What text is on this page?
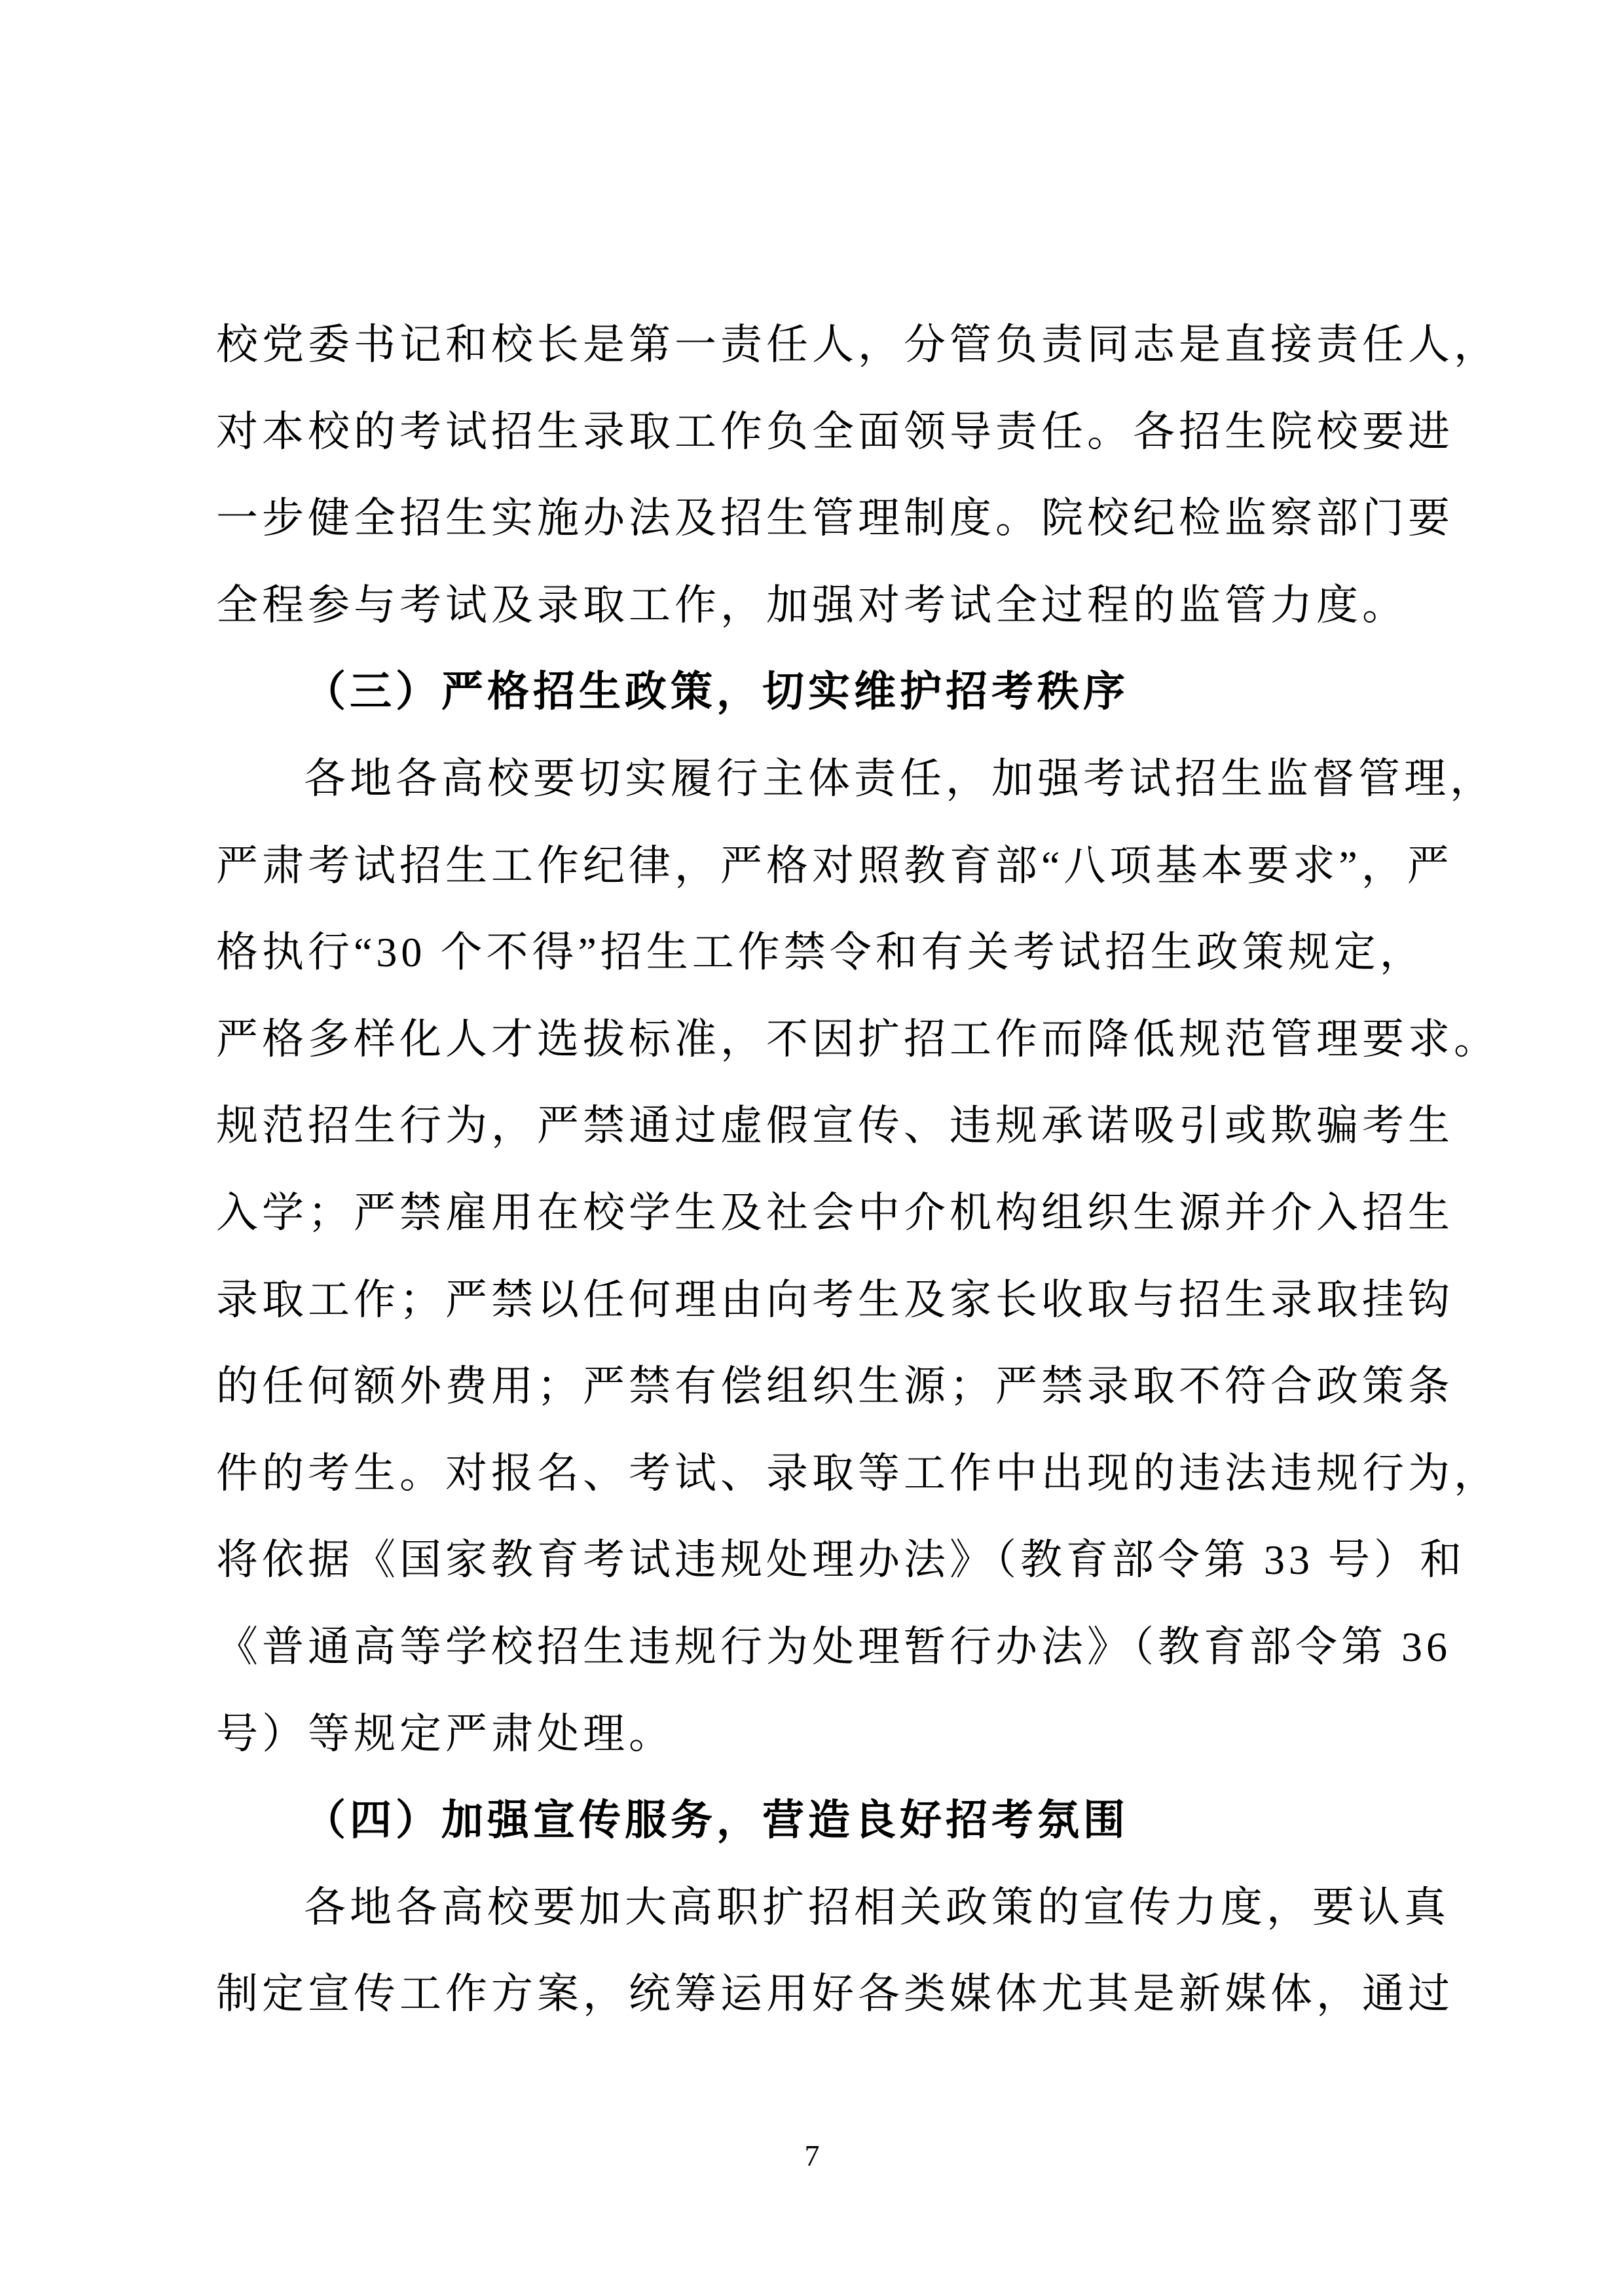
校党委书记和校长是第一责任人，分管负责同志是直接责任人，
对本校的考试招生录取工作负全面领导责任。各招生院校要进
一步健全招生实施办法及招生管理制度。院校纪检监察部门要
全程参与考试及录取工作，加强对考试全过程的监管力度。
（三）严格招生政策，切实维护招考秩序
各地各高校要切实履行主体责任，加强考试招生监督管理，
严肃考试招生工作纪律，严格对照教育部“八项基本要求”，严
格执行“30 个不得”招生工作禁令和有关考试招生政策规定，
严格多样化人才选拔标准，不因扩招工作而降低规范管理要求。
规范招生行为，严禁通过虚假宣传、违规承诺吸引或欺骗考生
入学；严禁雇用在校学生及社会中介机构组织生源并介入招生
录取工作；严禁以任何理由向考生及家长收取与招生录取挂钩
的任何额外费用；严禁有偿组织生源；严禁录取不符合政策条
件的考生。对报名、考试、录取等工作中出现的违法违规行为，
将依据《国家教育考试违规处理办法》（教育部令第 33 号）和
《普通高等学校招生违规行为处理暂行办法》（教育部令第 36
号）等规定严肃处理。
（四）加强宣传服务，营造良好招考氛围
各地各高校要加大高职扩招相关政策的宣传力度，要认真
制定宣传工作方案，统筹运用好各类媒体尤其是新媒体，通过
7
